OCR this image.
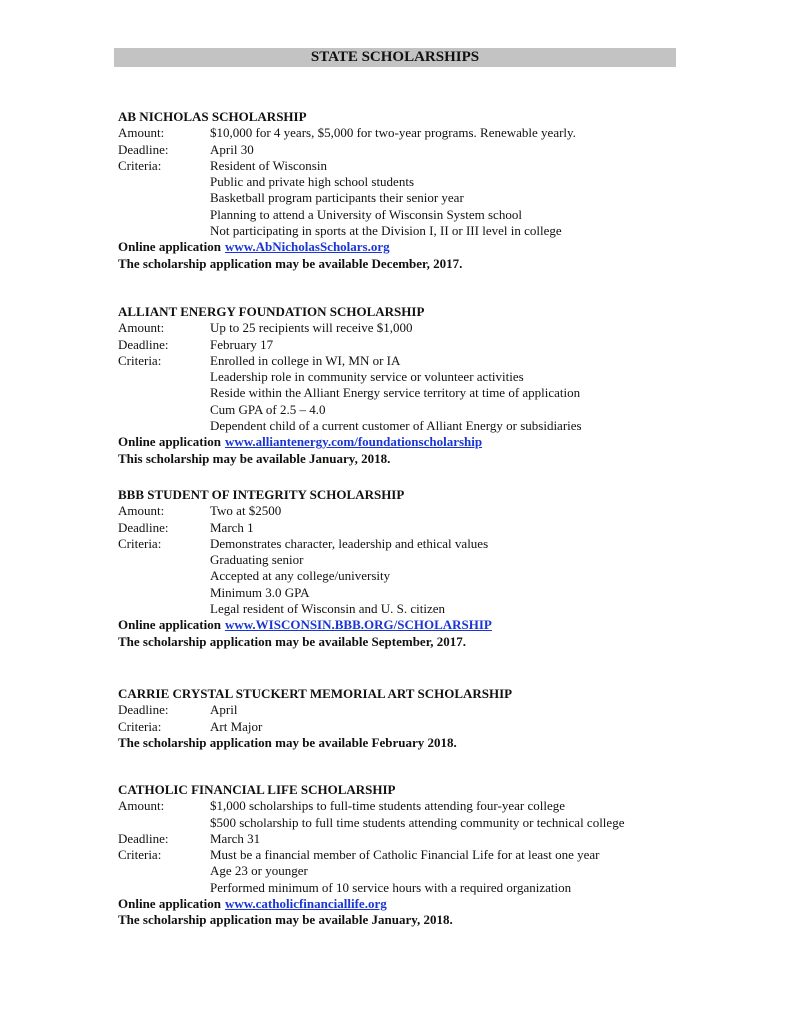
STATE SCHOLARSHIPS
AB NICHOLAS SCHOLARSHIP
Amount:	$10,000 for 4 years, $5,000 for two-year programs. Renewable yearly.
Deadline:	April 30
Criteria:	Resident of Wisconsin
Public and private high school students
Basketball program participants their senior year
Planning to attend a University of Wisconsin System school
Not participating in sports at the Division I, II or III level in college
Online application www.AbNicholasScholars.org
The scholarship application may be available December, 2017.
ALLIANT ENERGY FOUNDATION SCHOLARSHIP
Amount:	Up to 25 recipients will receive $1,000
Deadline:	February 17
Criteria:	Enrolled in college in WI, MN or IA
Leadership role in community service or volunteer activities
Reside within the Alliant Energy service territory at time of application
Cum GPA of 2.5 – 4.0
Dependent child of a current customer of Alliant Energy or subsidiaries
Online application www.alliantenergy.com/foundationscholarship
This scholarship may be available January, 2018.
BBB STUDENT OF INTEGRITY SCHOLARSHIP
Amount:	Two at $2500
Deadline:	March 1
Criteria:	Demonstrates character, leadership and ethical values
Graduating senior
Accepted at any college/university
Minimum 3.0 GPA
Legal resident of Wisconsin and U. S. citizen
Online application www.WISCONSIN.BBB.ORG/SCHOLARSHIP
The scholarship application may be available September, 2017.
CARRIE CRYSTAL STUCKERT MEMORIAL ART SCHOLARSHIP
Deadline:	April
Criteria:	Art Major
The scholarship application may be available February 2018.
CATHOLIC FINANCIAL LIFE SCHOLARSHIP
Amount:	$1,000 scholarships to full-time students attending four-year college
$500 scholarship to full time students attending community or technical college
Deadline:	March 31
Criteria:	Must be a financial member of Catholic Financial Life for at least one year
Age 23 or younger
Performed minimum of 10 service hours with a required organization
Online application www.catholicfinanciallife.org
The scholarship application may be available January, 2018.
